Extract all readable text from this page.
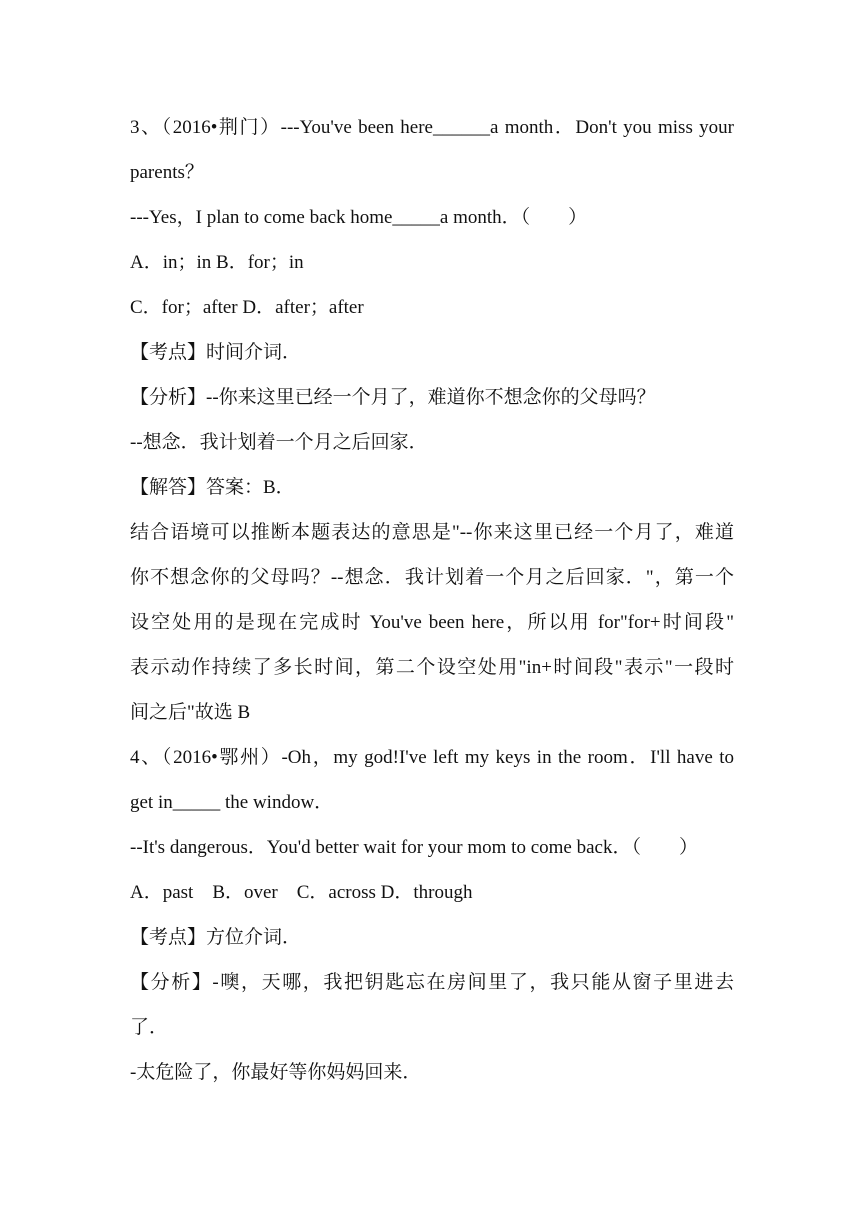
3、（2016•荆门）---You've been here______a month．Don't you miss your
parents？
---Yes，I plan to come back home_____a month．（　　）
A．in；in B．for；in
C．for；after D．after；after
【考点】时间介词．
【分析】--你来这里已经一个月了，难道你不想念你的父母吗？
--想念．我计划着一个月之后回家．
【解答】答案：B．
结合语境可以推断本题表达的意思是"--你来这里已经一个月了，难道
你不想念你的父母吗？--想念．我计划着一个月之后回家．"，第一个
设空处用的是现在完成时 You've been here，所以用 for"for+时间段"
表示动作持续了多长时间，第二个设空处用"in+时间段"表示"一段时
间之后"故选 B
4、（2016•鄂州）-Oh，my god!I've left my keys in the room．I'll have to
get in_____ the window．
--It's dangerous．You'd better wait for your mom to come back．（　　）
A．past　B．over　C．across D．through
【考点】方位介词．
【分析】-噢，天哪，我把钥匙忘在房间里了，我只能从窗子里进去
了．
-太危险了，你最好等你妈妈回来．
